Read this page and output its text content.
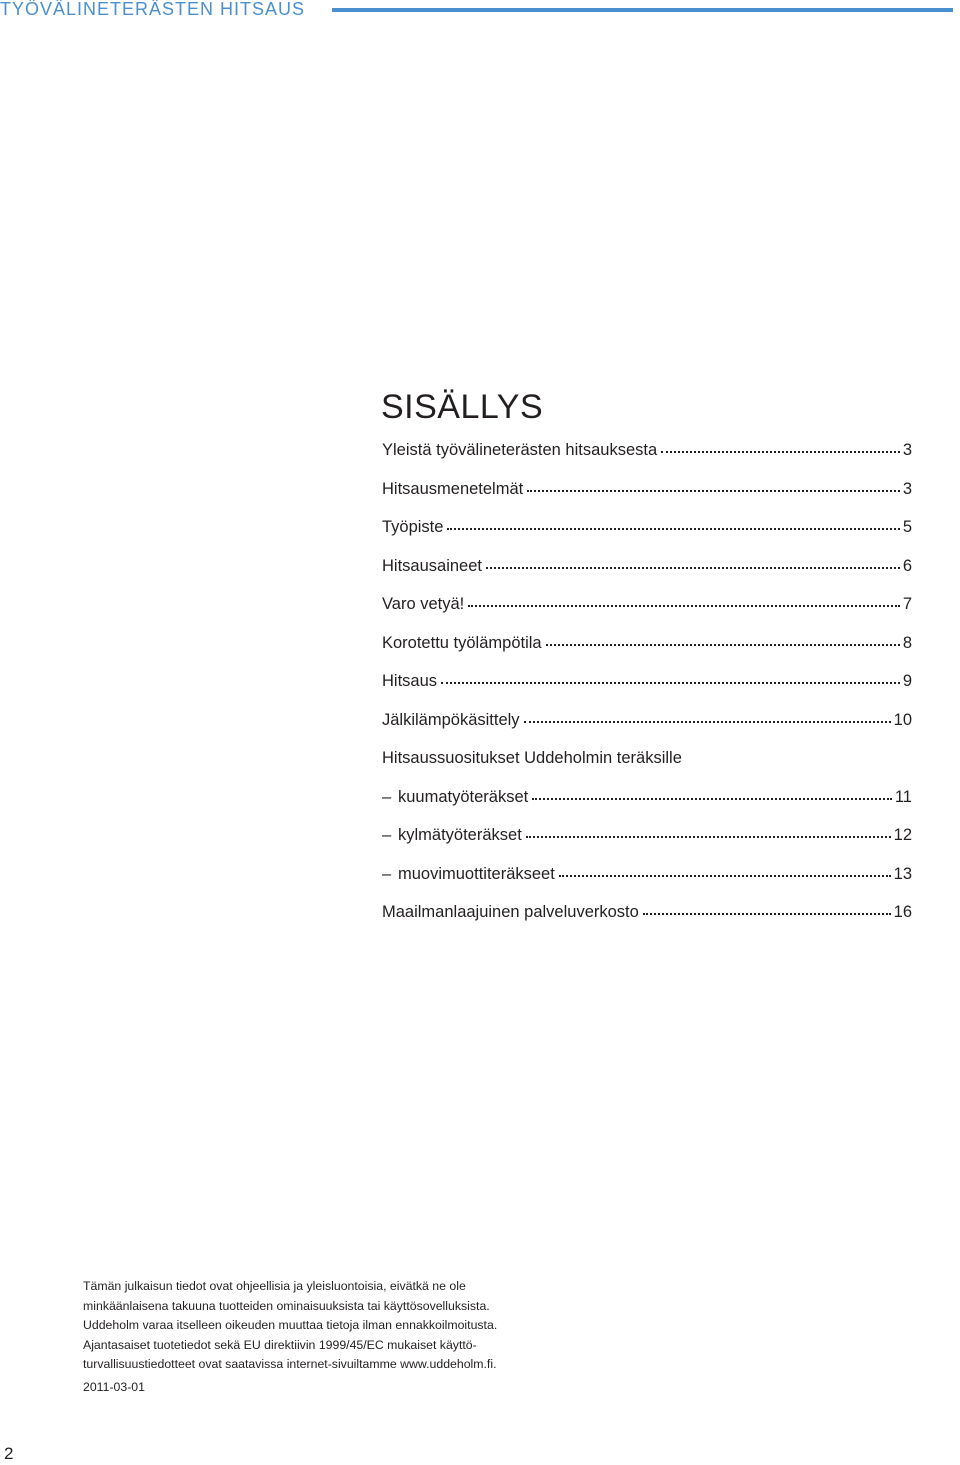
TYÖVÄLINETERÄSTEN HITSAUS
SISÄLLYS
Yleistä työvälineterästen hitsauksesta	3
Hitsausmenetelmät	3
Työpiste	5
Hitsausaineet	6
Varo vetyä!	7
Korotettu työlämpötila	8
Hitsaus	9
Jälkilämpökäsittely	10
Hitsaussuositukset Uddeholmin teräksille
– kuumatyöteräkset	11
– kylmätyöteräkset	12
– muovimuottiteräkseet	13
Maailmanlaajuinen palveluverkosto	16
Tämän julkaisun tiedot ovat ohjeellisia ja yleisluontoisia, eivätkä ne ole
minkäänlaisena takuuna tuotteiden ominaisuuksista tai käyttösovelluksista.
Uddeholm varaa itselleen oikeuden muuttaa tietoja ilman ennakkoilmoitusta.
Ajantasaiset tuotetiedot sekä EU direktiivin 1999/45/EC mukaiset käyttö-
turvallisuustiedotteet ovat saatavissa internet-sivuiltamme www.uddeholm.fi.
2011-03-01
2
